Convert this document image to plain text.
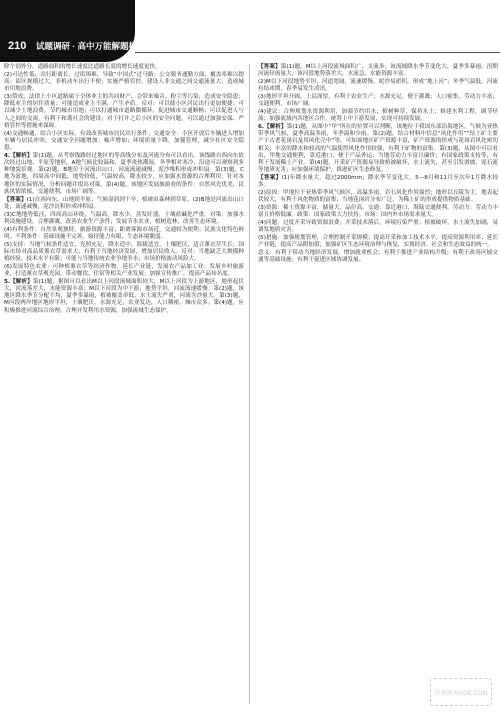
210 试题调研 · 高中万能解题模板

除个别外分，道路面积的增长速度比道路长度的增长速度更快。

(2)可达性低、出行距离长；过街困难，导致“中国式”过马路；公交服务通勤方面，覆盖率难以提高；街区规模过大，非机动车出行不便；实施严格管控，建设人非交通之间交通流量大；造成城市用地浪费。

(3)赞成，法律上小区道路属于全体业主的共同财产，会带来噪音、粉尘等污染，造成安全隐患；降低业主的居住质量；可能造成业主不满，产生矛盾。反对：可以使小区居民出行更加便捷；可以减少土地浪费，节约城市用地；可以打通城市道路微循环，促进城市交通顺畅；可以促进人与人之间的交流，有利于和谐社会的建设；对于打开之后小区的安全问题，可以通过加强安保、严格管控等措施来保障。

(4)交通畅通，结合小区实际，有效改善城市居民出行条件；交通安全：小区开放后车辆进入增加车辆与居民冲突，交通安全问题增加；噪声增加；环境质量下降，加强管理，减少社区安全隐患。

4.【解析】第(1)题，从考察线路经过地区的等高线分布及河流分布可以看出，该线路自西向东依次经过山地、平原等地形，A地气候比较温和，夏季炎热潮湿，冬季相对寒冷，沿途可以观察到多种地貌景观。第(2)题，B地位于河流出山口，河流流速减慢，泥沙堆积形成冲积扇。第(3)题，C地为盆地，四周高中间低，地势较低，气温较高，降水较少，应加强水资源的合理利用；针对本地区的实际情况，分析问题并提出对策。第(4)题，该地区发展旅游业的条件：自然风光优美，民族风情浓郁，交通便利，市场广阔等。

【答案】(1)自西向东，山地到平原；气候湿润到干旱；植被由森林到草原。(2)B地是河流出山口处，流速减慢，泥沙沉积形成冲积扇。

(3)C地地势低洼，四周高山环绕，气温高，降水少，蒸发旺盛，土壤盐碱化严重。对策：加强水利设施建设，合理灌溉，改善农业生产条件；发展节水农业，植树造林，改善生态环境。

(4)有利条件：自然景观独特，旅游资源丰富；距离客源市场近，交通较为便利；民族文化特色鲜明。不利条件：基础设施不完善，接待能力有限，生态环境脆弱。

(5)支持：当地气候条件适宜，光照充足，降水适中，海拔适宜，土壤肥沃，适合薰衣草生长；国际市场对高品质薰衣草需求大；有利于当地经济发展，增加居民收入。反对：当地缺乏大规模种植经验，技术水平有限；可能与当地传统农业争地争水；市场价格波动风险大。

(6)发展特色农业：可种植薰衣草等经济作物，延长产业链，发展农产品加工业；发展乡村旅游业，打造薰衣草观光园，带动餐饮、住宿等相关产业发展；加强宣传推广，提高产品知名度。

5.【解析】第(1)题，据图可以看出M以上河段流域面积较大，M以上河段为上游地区，地形起伏大，河流落差大，水能资源丰富；M以下河段为中下游，地势平坦，河流流速缓慢。第(2)题，该地区降水季节分配不均，夏季多暴雨，植被覆盖率低，水土流失严重，河流含沙量大。第(3)题，M河段两岸地区地形平坦，土壤肥沃，水源充足，农业发达，人口稠密，城市众多。第(4)题，应积极推进河流综合治理，合理开发利用水资源，加强流域生态保护。

【答案】第(1)题，M以上河段流域面积广，支流多；该流域降水季节变化大，夏季多暴雨，汛期河流径流量大；该河段地势落差大，水流急，水能资源丰富。

(2)M以下河段地势平坦，河道宽阔，流速缓慢，泥沙易淤积，形成“地上河”；冬季气温低，河流有结冰期，春季易发生凌汛。

(3)地形平坦开阔，土层深厚，有利于农业生产；水源充足，便于灌溉；人口密集，劳动力丰富；交通便利，市场广阔。

(4)建议：合理规划水资源利用，加强节约用水；植树种草，保持水土；修建水利工程，调节径流；加强流域内各地区合作，统筹上中下游发展，实现可持续发展。

6.【解析】第(1)题，从图中“甲”所在的位置可以判断，该地位于我国东部沿海地区，气候为亚热带季风气候，夏季高温多雨，冬季温和少雨。第(2)题，结合材料中信息“风化作用”“钻土矿主要产于古老花岗岩及其风化壳中”等，可知该地区矿产资源丰富，矿产资源的形成与花岗岩风化密切相关；丰富的降水和较高的气温使得风化作用较强，有利于矿物的富集。第(3)题，从图中可以看出，甲地交通便利，靠近港口，便于产品外运；当地劳动力丰富且廉价；有国家政策支持等，有利于发展稀土产业。第(4)题，开采矿产资源易导致植被破坏、水土流失，甚至引发滑坡、泥石流等地质灾害；应加强环境保护，推进矿区生态修复。

【答案】(1)年降水量大，超过2000mm；降水季节变化大，5—8月和11月至次年1月降水较多。

(2)原因：甲地位于亚热带季风气候区，高温多雨，岩石风化作用强烈；地形以丘陵为主，地表起伏较大，有利于风化物质的富集；当地花岗岩分布广泛，为稀土矿的形成提供物质基础。

(3)资源：稀土资源丰富，储量大，品位高。交通：靠近港口，海陆交通便利。劳动力：劳动力丰富且价格低廉。政策：国家政策大力扶持。市场：国内外市场需求量大。

(4)问题：过度开采导致资源浪费；开采技术落后，环境污染严重；植被破坏，水土流失加剧，易诱发地质灾害。

(5)措施：加强规划管理，合理控制开采规模；提高开采和加工技术水平，提高资源利用率；延长产业链，提高产品附加值；加强矿区生态环境治理与恢复，实现经济、社会和生态效益的统一。

意义：有利于带动当地经济发展，增加就业机会；有利于推进产业结构升级；有利于改善区域交通等基础设施；有利于促进区域协调发展。

答案圈 MXQE.COM
